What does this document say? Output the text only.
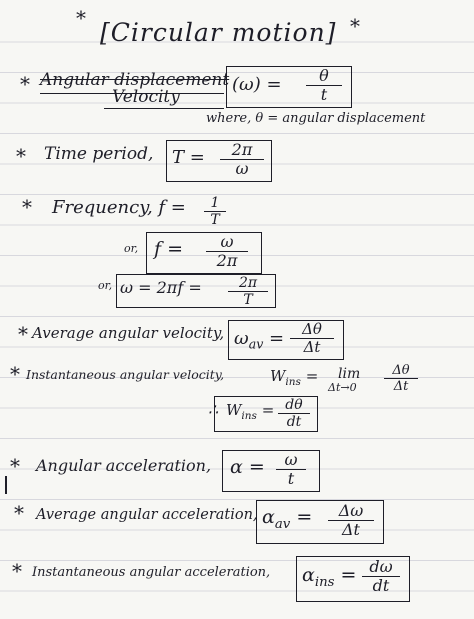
* [Circular motion] *
* Angular displacement
Velocity
$(\omega) = \frac{\theta}{t}$
where, θ = angular displacement
* Time period, $T = \frac{2\pi}{\omega}$
* Frequency, $f = \frac{1}{T}$
or, $f = \frac{\omega}{2\pi}$
or, $\omega = 2\pi f = \frac{2\pi}{T}$
* Average angular velocity, $\omega_{av} = \frac{\Delta\theta}{\Delta t}$
* Instantaneous angular velocity,	$W_{ins} = \lim$
$\Delta t\to 0 \frac{\Delta\theta}{\Delta t}$
∴ $W_{ins} = \frac{d\theta}{dt}$
* Angular acceleration, $\alpha = \frac{\omega}{t}$
* Average angular acceleration, $\alpha_{av} = \frac{\Delta\omega}{\Delta t}$
* Instantaneous angular acceleration, $\alpha_{ins} = \frac{d\omega}{dt}$
